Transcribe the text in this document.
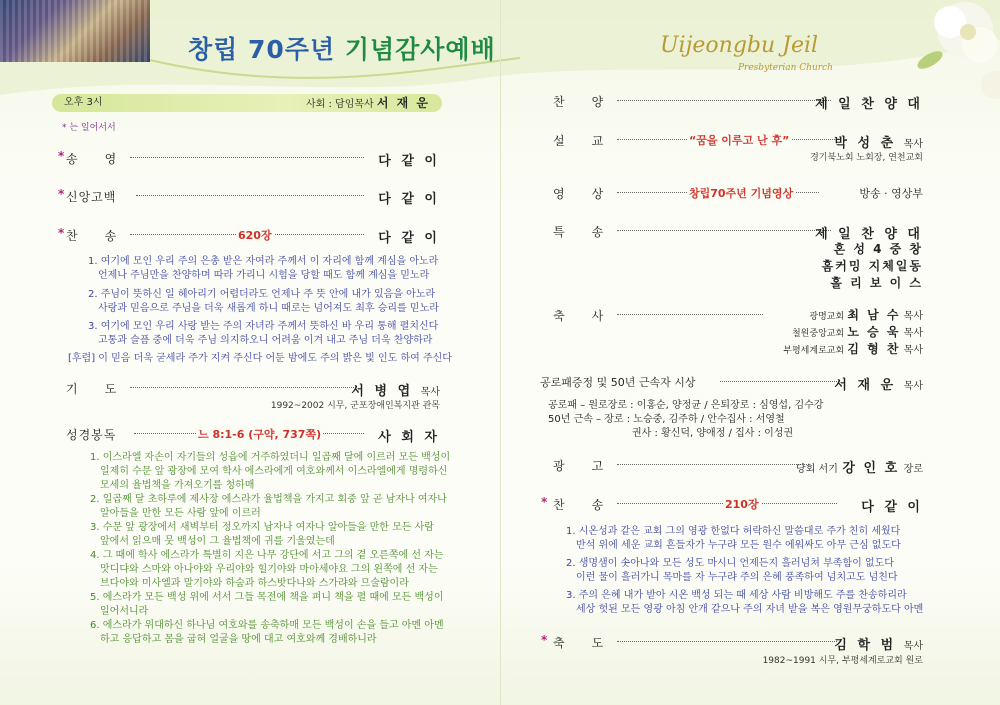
창립 70주년 기념감사예배	Uijeongbu Jeil
Presbyterian Church
오후 3시	사회 : 담임목사 서 재 운
* 는 일어서서
* 송　　영	다 같 이
* 신앙고백	다 같 이
* 찬　　송	620장	다 같 이
1. 여기에 모인 우리 주의 은총 받은 자여라 주께서 이 자리에 함께 계심을 아노라
언제나 주님만을 찬양하며 따라 가리니 시험을 당할 때도 함께 계심을 믿노라
2. 주님이 뜻하신 일 헤아리기 어렵더라도 언제나 주 뜻 안에 내가 있음을 아노라
사랑과 믿음으로 주님을 더욱 새롭게 하니 때로는 넘어져도 최후 승리를 믿노라
3. 여기에 모인 우리 사랑 받는 주의 자녀라 주께서 뜻하신 바 우리 통해 펼치신다
고통과 슬픔 중에 더욱 주님 의지하오니 어려움 이겨 내고 주님 더욱 찬양하라
[후렴] 이 믿음 더욱 굳세라 주가 지켜 주신다 어둔 밤에도 주의 밝은 빛 인도 하여 주신다
기　　도	서 병 엽 목사
1992~2002 시무, 군포장애인복지관 관목
성경봉독	느 8:1-6 (구약, 737쪽)	사 회 자
1. 이스라엘 자손이 자기들의 성읍에 거주하였더니 일곱째 달에 이르러 모든 백성이
일제히 수문 앞 광장에 모여 학사 에스라에게 여호와께서 이스라엘에게 명령하신
모세의 율법책을 가져오기를 청하매
2. 일곱째 달 초하루에 제사장 에스라가 율법책을 가지고 회중 앞 곧 남자나 여자나
알아들을 만한 모든 사람 앞에 이르러
3. 수문 앞 광장에서 새벽부터 정오까지 남자나 여자나 알아들을 만한 모든 사람
앞에서 읽으매 뭇 백성이 그 율법책에 귀를 기울였는데
4. 그 때에 학사 에스라가 특별히 지은 나무 강단에 서고 그의 곁 오른쪽에 선 자는
맛디댜와 스마와 아나야와 우리야와 힐기야와 마아세야요 그의 왼쪽에 선 자는
브다야와 미사엘과 말기야와 하숨과 하스밧다나와 스가랴와 므술람이라
5. 에스라가 모든 백성 위에 서서 그들 목전에 책을 펴니 책을 펼 때에 모든 백성이
일어서니라
6. 에스라가 위대하신 하나님 여호와를 송축하매 모든 백성이 손을 들고 아멘 아멘
하고 응답하고 몸을 굽혀 얼굴을 땅에 대고 여호와께 경배하니라
찬　　양	제 일 찬 양 대
설　　교	“꿈을 이루고 난 후”	박 성 춘 목사
경기북노회 노회장, 연천교회
영　　상	창립70주년 기념영상	방송 · 영상부
특　　송	제 일 찬 양 대
혼 성 4 중 창
홈커밍 지체일동
홀 리 보 이 스
축　　사	광명교회 최 남 수 목사
철원중앙교회 노 승 욱 목사
부평세계로교회 김 형 찬 목사
공로패증정 및 50년 근속자 시상	서 재 운 목사
공로패 – 원로장로 : 이홍순, 양정균 / 은퇴장로 : 심영섭, 김수강
50년 근속 – 장로 : 노승중, 김주하 / 안수집사 : 서영철
권사 : 황신덕, 양애정 / 집사 : 이성권
광　　고	당회 서기 강 인 호 장로
* 찬　　송	210장	다 같 이
1. 시온성과 같은 교회 그의 영광 한없다 허락하신 말씀대로 주가 친히 세웠다
반석 위에 세운 교회 흔들자가 누구랴 모든 원수 에워싸도 아무 근심 없도다
2. 생명샘이 솟아나와 모든 성도 마시니 언제든지 흘러넘쳐 부족함이 없도다
이런 물이 흘러가니 목마를 자 누구랴 주의 은혜 풍족하여 넘치고도 넘친다
3. 주의 은혜 내가 받아 시온 백성 되는 때 세상 사람 비방해도 주를 찬송하리라
세상 헛된 모든 영광 아침 안개 같으나 주의 자녀 받을 복은 영원무궁하도다 아멘
* 축　　도	김 학 범 목사
1982~1991 시무, 부평세계로교회 원로
